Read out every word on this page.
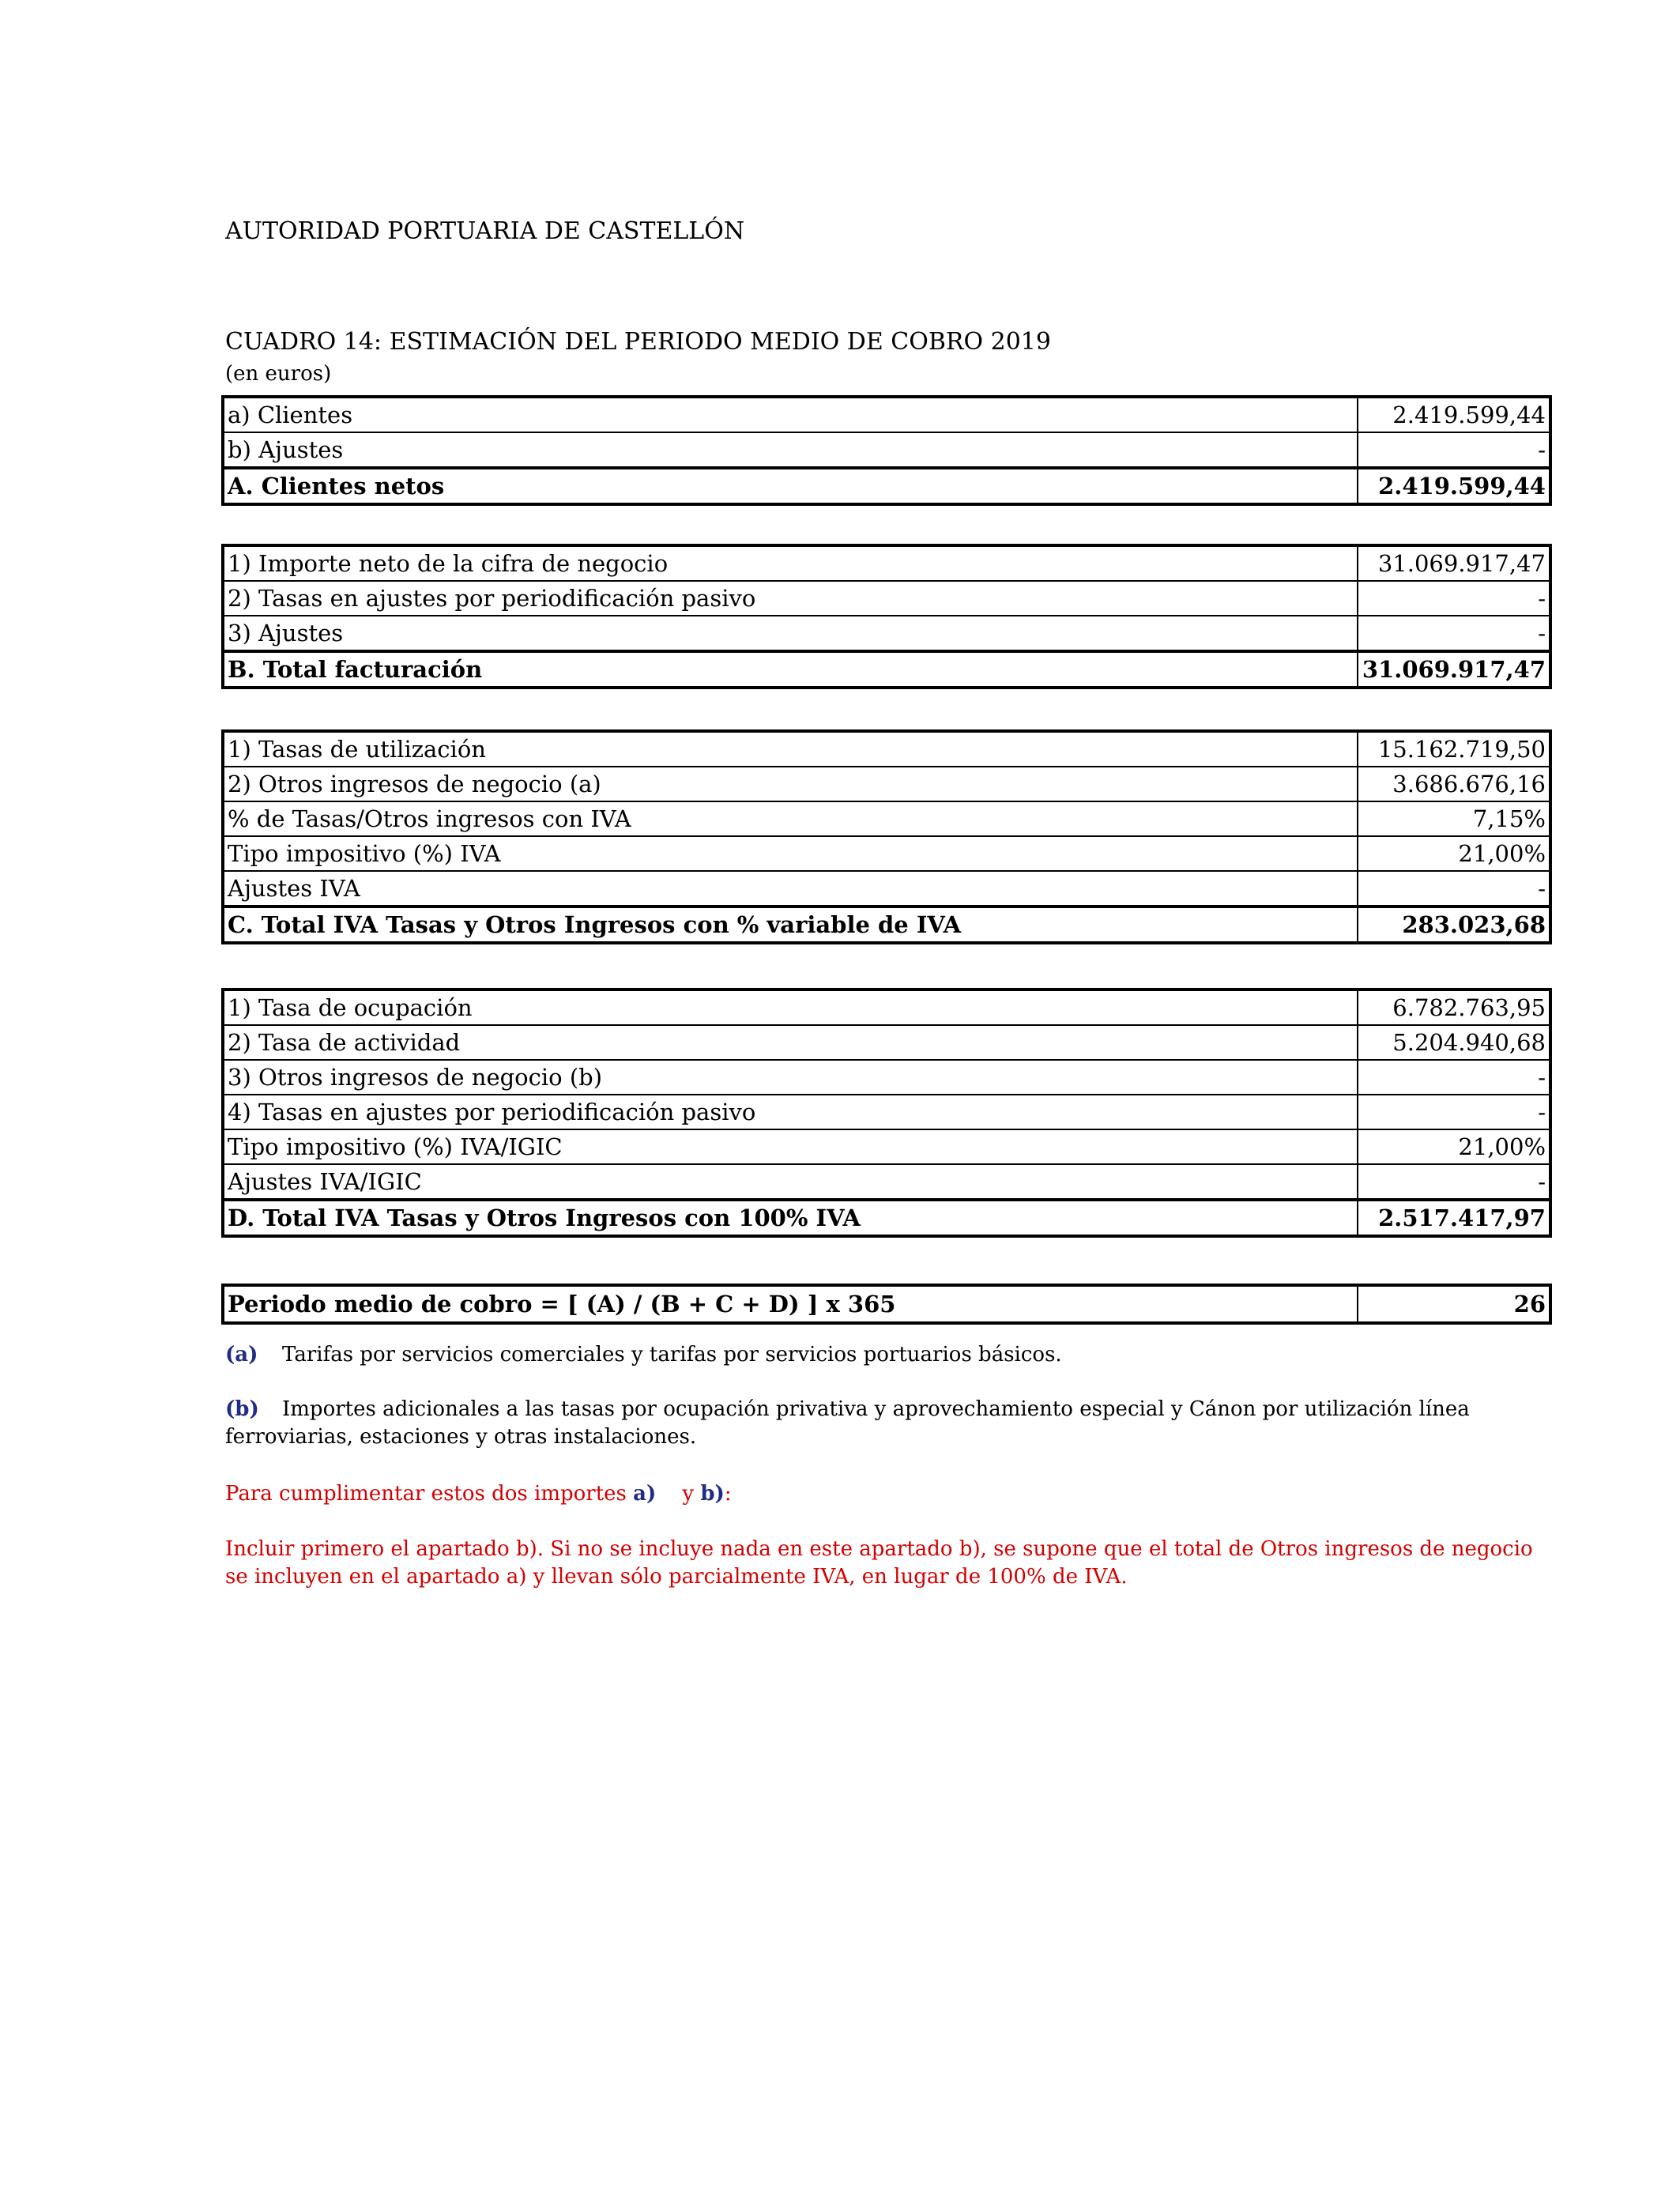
AUTORIDAD PORTUARIA DE CASTELLÓN
CUADRO 14: ESTIMACIÓN DEL PERIODO MEDIO DE COBRO 2019
(en euros)
a) Clientes	2.419.599,44
b) Ajustes	-
A. Clientes netos	2.419.599,44
1) Importe neto de la cifra de negocio	31.069.917,47
2) Tasas en ajustes por periodificación pasivo	-
3) Ajustes	-
B. Total facturación	31.069.917,47
1) Tasas de utilización	15.162.719,50
2) Otros ingresos de negocio (a)	3.686.676,16
% de Tasas/Otros ingresos con IVA	7,15%
Tipo impositivo (%) IVA	21,00%
Ajustes IVA	-
C. Total IVA Tasas y Otros Ingresos con % variable de IVA	283.023,68
1) Tasa de ocupación	6.782.763,95
2) Tasa de actividad	5.204.940,68
3) Otros ingresos de negocio (b)	-
4) Tasas en ajustes por periodificación pasivo	-
Tipo impositivo (%) IVA/IGIC	21,00%
Ajustes IVA/IGIC	-
D. Total IVA Tasas y Otros Ingresos con 100% IVA	2.517.417,97
Periodo medio de cobro = [ (A) / (B + C + D) ] x 365	26
(a) Tarifas por servicios comerciales y tarifas por servicios portuarios básicos.
(b) Importes adicionales a las tasas por ocupación privativa y aprovechamiento especial y Cánon por utilización línea ferroviarias, estaciones y otras instalaciones.
Para cumplimentar estos dos importes a) y b):
Incluir primero el apartado b). Si no se incluye nada en este apartado b), se supone que el total de Otros ingresos de negocio se incluyen en el apartado a) y llevan sólo parcialmente IVA, en lugar de 100% de IVA.
